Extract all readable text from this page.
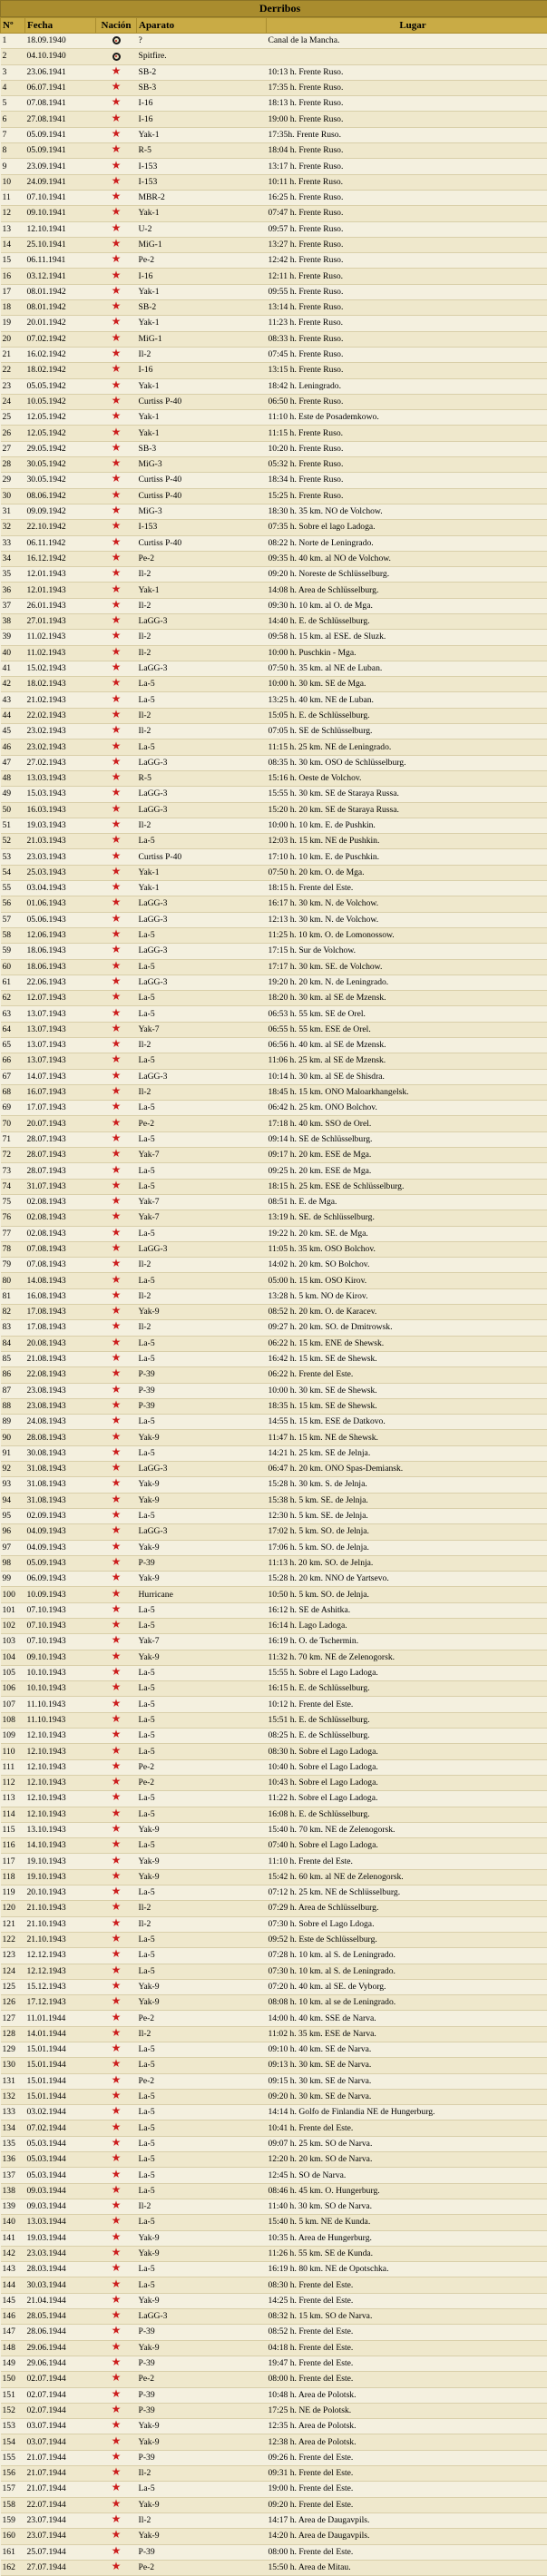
Derribos
Nº	Fecha	Nación	Aparato	Lugar
1	18.09.1940		?	Canal de la Mancha.
2	04.10.1940		Spitfire.	
3	23.06.1941	★	SB-2	10:13 h. Frente Ruso.
4	06.07.1941	★	SB-3	17:35 h. Frente Ruso.
5	07.08.1941	★	I-16	18:13 h. Frente Ruso.
6	27.08.1941	★	I-16	19:00 h. Frente Ruso.
7	05.09.1941	★	Yak-1	17:35h. Frente Ruso.
8	05.09.1941	★	R-5	18:04 h. Frente Ruso.
9	23.09.1941	★	I-153	13:17 h. Frente Ruso.
10	24.09.1941	★	I-153	10:11 h. Frente Ruso.
11	07.10.1941	★	MBR-2	16:25 h. Frente Ruso.
12	09.10.1941	★	Yak-1	07:47 h. Frente Ruso.
13	12.10.1941	★	U-2	09:57 h. Frente Ruso.
14	25.10.1941	★	MiG-1	13:27 h. Frente Ruso.
15	06.11.1941	★	Pe-2	12:42 h. Frente Ruso.
16	03.12.1941	★	I-16	12:11 h. Frente Ruso.
17	08.01.1942	★	Yak-1	09:55 h. Frente Ruso.
18	08.01.1942	★	SB-2	13:14 h. Frente Ruso.
19	20.01.1942	★	Yak-1	11:23 h. Frente Ruso.
20	07.02.1942	★	MiG-1	08:33 h. Frente Ruso.
21	16.02.1942	★	Il-2	07:45 h. Frente Ruso.
22	18.02.1942	★	I-16	13:15 h. Frente Ruso.
23	05.05.1942	★	Yak-1	18:42 h. Leningrado.
24	10.05.1942	★	Curtiss P-40	06:50 h. Frente Ruso.
25	12.05.1942	★	Yak-1	11:10 h. Este de Posademkowo.
26	12.05.1942	★	Yak-1	11:15 h. Frente Ruso.
27	29.05.1942	★	SB-3	10:20 h. Frente Ruso.
28	30.05.1942	★	MiG-3	05:32 h. Frente Ruso.
29	30.05.1942	★	Curtiss P-40	18:34 h. Frente Ruso.
30	08.06.1942	★	Curtiss P-40	15:25 h. Frente Ruso.
31	09.09.1942	★	MiG-3	18:30 h. 35 km. NO de Volchow.
32	22.10.1942	★	I-153	07:35 h. Sobre el lago Ladoga.
33	06.11.1942	★	Curtiss P-40	08:22 h. Norte de Leningrado.
34	16.12.1942	★	Pe-2	09:35 h. 40 km. al NO de Volchow.
35	12.01.1943	★	Il-2	09:20 h. Noreste de Schlüsselburg.
36	12.01.1943	★	Yak-1	14:08 h. Area de Schlüsselburg.
37	26.01.1943	★	Il-2	09:30 h. 10 km. al O. de Mga.
38	27.01.1943	★	LaGG-3	14:40 h. E. de Schlüsselburg.
39	11.02.1943	★	Il-2	09:58 h. 15 km. al ESE. de Sluzk.
40	11.02.1943	★	Il-2	10:00 h. Puschkin - Mga.
41	15.02.1943	★	LaGG-3	07:50 h. 35 km. al NE de Luban.
42	18.02.1943	★	La-5	10:00 h. 30 km. SE de Mga.
43	21.02.1943	★	La-5	13:25 h. 40 km. NE de Luban.
44	22.02.1943	★	Il-2	15:05 h. E. de Schlüsselburg.
45	23.02.1943	★	Il-2	07:05 h. SE de Schlüsselburg.
46	23.02.1943	★	La-5	11:15 h. 25 km. NE de Leningrado.
47	27.02.1943	★	LaGG-3	08:35 h. 30 km. OSO de Schlüsselburg.
48	13.03.1943	★	R-5	15:16 h. Oeste de Volchov.
49	15.03.1943	★	LaGG-3	15:55 h. 30 km. SE de Staraya Russa.
50	16.03.1943	★	LaGG-3	15:20 h. 20 km. SE de Staraya Russa.
51	19.03.1943	★	Il-2	10:00 h. 10 km. E. de Pushkin.
52	21.03.1943	★	La-5	12:03 h. 15 km. NE de Pushkin.
53	23.03.1943	★	Curtiss P-40	17:10 h. 10 km. E. de Puschkin.
54	25.03.1943	★	Yak-1	07:50 h. 20 km. O. de Mga.
55	03.04.1943	★	Yak-1	18:15 h. Frente del Este.
56	01.06.1943	★	LaGG-3	16:17 h. 30 km. N. de Volchow.
57	05.06.1943	★	LaGG-3	12:13 h. 30 km. N. de Volchow.
58	12.06.1943	★	La-5	11:25 h. 10 km. O. de Lomonossow.
59	18.06.1943	★	LaGG-3	17:15 h. Sur de Volchow.
60	18.06.1943	★	La-5	17:17 h. 30 km. SE. de Volchow.
61	22.06.1943	★	LaGG-3	19:20 h. 20 km. N. de Leningrado.
62	12.07.1943	★	La-5	18:20 h. 30 km. al SE de Mzensk.
63	13.07.1943	★	La-5	06:53 h. 55 km. SE de Orel.
64	13.07.1943	★	Yak-7	06:55 h. 55 km. ESE de Orel.
65	13.07.1943	★	Il-2	06:56 h. 40 km. al SE de Mzensk.
66	13.07.1943	★	La-5	11:06 h. 25 km. al SE de Mzensk.
67	14.07.1943	★	LaGG-3	10:14 h. 30 km. al SE de Shisdra.
68	16.07.1943	★	Il-2	18:45 h. 15 km. ONO Maloarkhangelsk.
69	17.07.1943	★	La-5	06:42 h. 25 km. ONO Bolchov.
70	20.07.1943	★	Pe-2	17:18 h. 40 km. SSO de Orel.
71	28.07.1943	★	La-5	09:14 h. SE de Schlüsselburg.
72	28.07.1943	★	Yak-7	09:17 h. 20 km. ESE de Mga.
73	28.07.1943	★	La-5	09:25 h. 20 km. ESE de Mga.
74	31.07.1943	★	La-5	18:15 h. 25 km. ESE de Schlüsselburg.
75	02.08.1943	★	Yak-7	08:51 h. E. de Mga.
76	02.08.1943	★	Yak-7	13:19 h. SE. de Schlüsselburg.
77	02.08.1943	★	La-5	19:22 h. 20 km. SE. de Mga.
78	07.08.1943	★	LaGG-3	11:05 h. 35 km. OSO Bolchov.
79	07.08.1943	★	Il-2	14:02 h. 20 km. SO Bolchov.
80	14.08.1943	★	La-5	05:00 h. 15 km. OSO Kirov.
81	16.08.1943	★	Il-2	13:28 h. 5 km. NO de Kirov.
82	17.08.1943	★	Yak-9	08:52 h. 20 km. O. de Karacev.
83	17.08.1943	★	Il-2	09:27 h. 20 km. SO. de Dmitrowsk.
84	20.08.1943	★	La-5	06:22 h. 15 km. ENE de Shewsk.
85	21.08.1943	★	La-5	16:42 h. 15 km. SE de Shewsk.
86	22.08.1943	★	P-39	06:22 h. Frente del Este.
87	23.08.1943	★	P-39	10:00 h. 30 km. SE de Shewsk.
88	23.08.1943	★	P-39	18:35 h. 15 km. SE de Shewsk.
89	24.08.1943	★	La-5	14:55 h. 15 km. ESE de Datkovo.
90	28.08.1943	★	Yak-9	11:47 h. 15 km. NE de Shewsk.
91	30.08.1943	★	La-5	14:21 h. 25 km. SE de Jelnja.
92	31.08.1943	★	LaGG-3	06:47 h. 20 km. ONO Spas-Demiansk.
93	31.08.1943	★	Yak-9	15:28 h. 30 km. S. de Jelnja.
94	31.08.1943	★	Yak-9	15:38 h. 5 km. SE. de Jelnja.
95	02.09.1943	★	La-5	12:30 h. 5 km. SE. de Jelnja.
96	04.09.1943	★	LaGG-3	17:02 h. 5 km. SO. de Jelnja.
97	04.09.1943	★	Yak-9	17:06 h. 5 km. SO. de Jelnja.
98	05.09.1943	★	P-39	11:13 h. 20 km. SO. de Jelnja.
99	06.09.1943	★	Yak-9	15:28 h. 20 km. NNO de Yartsevo.
100	10.09.1943	★	Hurricane	10:50 h. 5 km. SO. de Jelnja.
101	07.10.1943	★	La-5	16:12 h. SE de Ashitka.
102	07.10.1943	★	La-5	16:14 h. Lago Ladoga.
103	07.10.1943	★	Yak-7	16:19 h. O. de Tschermin.
104	09.10.1943	★	Yak-9	11:32 h. 70 km. NE de Zelenogorsk.
105	10.10.1943	★	La-5	15:55 h. Sobre el Lago Ladoga.
106	10.10.1943	★	La-5	16:15 h. E. de Schlüsselburg.
107	11.10.1943	★	La-5	10:12 h. Frente del Este.
108	11.10.1943	★	La-5	15:51 h. E. de Schlüsselburg.
109	12.10.1943	★	La-5	08:25 h. E. de Schlüsselburg.
110	12.10.1943	★	La-5	08:30 h. Sobre el Lago Ladoga.
111	12.10.1943	★	Pe-2	10:40 h. Sobre el Lago Ladoga.
112	12.10.1943	★	Pe-2	10:43 h. Sobre el Lago Ladoga.
113	12.10.1943	★	La-5	11:22 h. Sobre el Lago Ladoga.
114	12.10.1943	★	La-5	16:08 h. E. de Schlüsselburg.
115	13.10.1943	★	Yak-9	15:40 h. 70 km. NE de Zelenogorsk.
116	14.10.1943	★	La-5	07:40 h. Sobre el Lago Ladoga.
117	19.10.1943	★	Yak-9	11:10 h. Frente del Este.
118	19.10.1943	★	Yak-9	15:42 h. 60 km. al NE de Zelenogorsk.
119	20.10.1943	★	La-5	07:12 h. 25 km. NE de Schlüsselburg.
120	21.10.1943	★	Il-2	07:29 h. Area de Schlüsselburg.
121	21.10.1943	★	Il-2	07:30 h. Sobre el Lago Ldoga.
122	21.10.1943	★	La-5	09:52 h. Este de Schlüsselburg.
123	12.12.1943	★	La-5	07:28 h. 10 km. al S. de Leningrado.
124	12.12.1943	★	La-5	07:30 h. 10 km. al S. de Leningrado.
125	15.12.1943	★	Yak-9	07:20 h. 40 km. al SE. de Vyborg.
126	17.12.1943	★	Yak-9	08:08 h. 10 km. al se de Leningrado.
127	11.01.1944	★	Pe-2	14:00 h. 40 km. SSE de Narva.
128	14.01.1944	★	Il-2	11:02 h. 35 km. ESE de Narva.
129	15.01.1944	★	La-5	09:10 h. 40 km. SE de Narva.
130	15.01.1944	★	La-5	09:13 h. 30 km. SE de Narva.
131	15.01.1944	★	Pe-2	09:15 h. 30 km. SE de Narva.
132	15.01.1944	★	La-5	09:20 h. 30 km. SE de Narva.
133	03.02.1944	★	La-5	14:14 h. Golfo de Finlandia NE de Hungerburg.
134	07.02.1944	★	La-5	10:41 h. Frente del Este.
135	05.03.1944	★	La-5	09:07 h. 25 km. SO de Narva.
136	05.03.1944	★	La-5	12:20 h. 20 km. SO de Narva.
137	05.03.1944	★	La-5	12:45 h. SO de Narva.
138	09.03.1944	★	La-5	08:46 h. 45 km. O. Hungerburg.
139	09.03.1944	★	Il-2	11:40 h. 30 km. SO de Narva.
140	13.03.1944	★	La-5	15:40 h. 5 km. NE de Kunda.
141	19.03.1944	★	Yak-9	10:35 h. Area de Hungerburg.
142	23.03.1944	★	Yak-9	11:26 h. 55 km. SE de Kunda.
143	28.03.1944	★	La-5	16:19 h. 80 km. NE de Opotschka.
144	30.03.1944	★	La-5	08:30 h. Frente del Este.
145	21.04.1944	★	Yak-9	14:25 h. Frente del Este.
146	28.05.1944	★	LaGG-3	08:32 h. 15 km. SO de Narva.
147	28.06.1944	★	P-39	08:52 h. Frente del Este.
148	29.06.1944	★	Yak-9	04:18 h. Frente del Este.
149	29.06.1944	★	P-39	19:47 h. Frente del Este.
150	02.07.1944	★	Pe-2	08:00 h. Frente del Este.
151	02.07.1944	★	P-39	10:48 h. Area de Polotsk.
152	02.07.1944	★	P-39	17:25 h. NE de Polotsk.
153	03.07.1944	★	Yak-9	12:35 h. Area de Polotsk.
154	03.07.1944	★	Yak-9	12:38 h. Area de Polotsk.
155	21.07.1944	★	P-39	09:26 h. Frente del Este.
156	21.07.1944	★	Il-2	09:31 h. Frente del Este.
157	21.07.1944	★	La-5	19:00 h. Frente del Este.
158	22.07.1944	★	Yak-9	09:20 h. Frente del Este.
159	23.07.1944	★	Il-2	14:17 h. Area de Daugavpils.
160	23.07.1944	★	Yak-9	14:20 h. Area de Daugavpils.
161	25.07.1944	★	P-39	08:00 h. Frente del Este.
162	27.07.1944	★	Pe-2	15:50 h. Area de Mitau.
